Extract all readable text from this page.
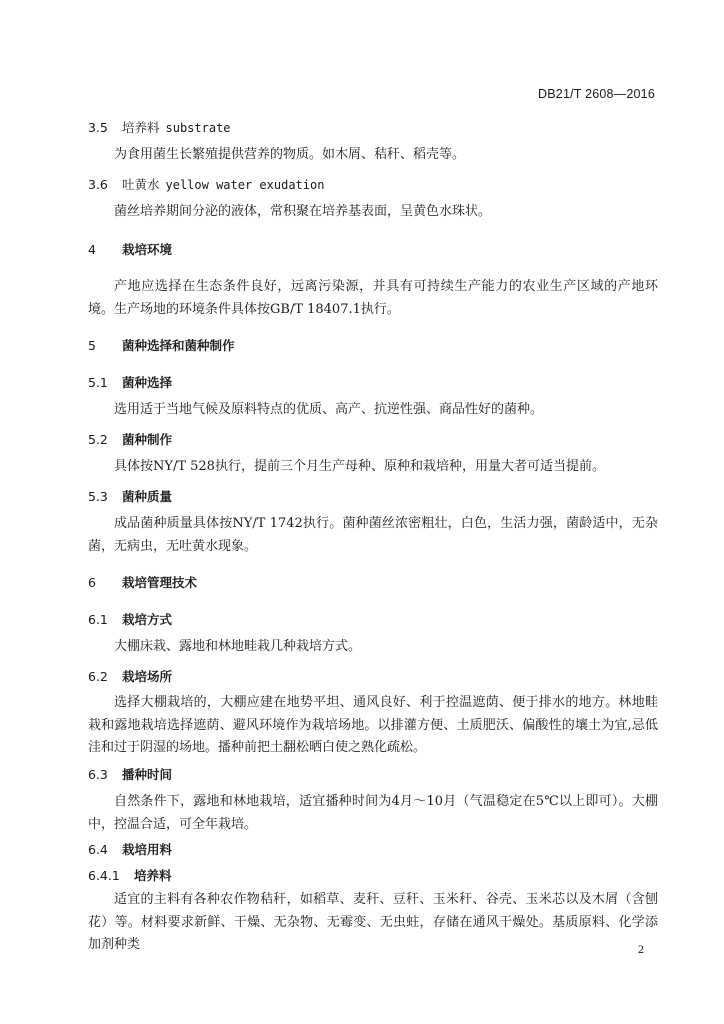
DB21/T 2608—2016
3.5 培养料 substrate
为食用菌生长繁殖提供营养的物质。如木屑、秸秆、稻壳等。
3.6 吐黄水 yellow water exudation
菌丝培养期间分泌的液体，常积聚在培养基表面，呈黄色水珠状。
4 栽培环境
产地应选择在生态条件良好，远离污染源，并具有可持续生产能力的农业生产区域的产地环境。生产场地的环境条件具体按GB/T 18407.1执行。
5 菌种选择和菌种制作
5.1 菌种选择
选用适于当地气候及原料特点的优质、高产、抗逆性强、商品性好的菌种。
5.2 菌种制作
具体按NY/T 528执行，提前三个月生产母种、原种和栽培种，用量大者可适当提前。
5.3 菌种质量
成品菌种质量具体按NY/T 1742执行。菌种菌丝浓密粗壮，白色，生活力强，菌龄适中，无杂菌，无病虫，无吐黄水现象。
6 栽培管理技术
6.1 栽培方式
大棚床栽、露地和林地畦栽几种栽培方式。
6.2 栽培场所
选择大棚栽培的，大棚应建在地势平坦、通风良好、利于控温遮荫、便于排水的地方。林地畦栽和露地栽培选择遮荫、避风环境作为栽培场地。以排灌方便、土质肥沃、偏酸性的壤土为宜,忌低洼和过于阴湿的场地。播种前把土翻松晒白使之熟化疏松。
6.3 播种时间
自然条件下，露地和林地栽培，适宜播种时间为4月～10月（气温稳定在5℃以上即可）。大棚中，控温合适，可全年栽培。
6.4 栽培用料
6.4.1 培养料
适宜的主料有各种农作物秸秆，如稻草、麦秆、豆秆、玉米秆、谷壳、玉米芯以及木屑（含刨花）等。材料要求新鲜、干燥、无杂物、无霉变、无虫蛀，存储在通风干燥处。基质原料、化学添加剂种类	2
